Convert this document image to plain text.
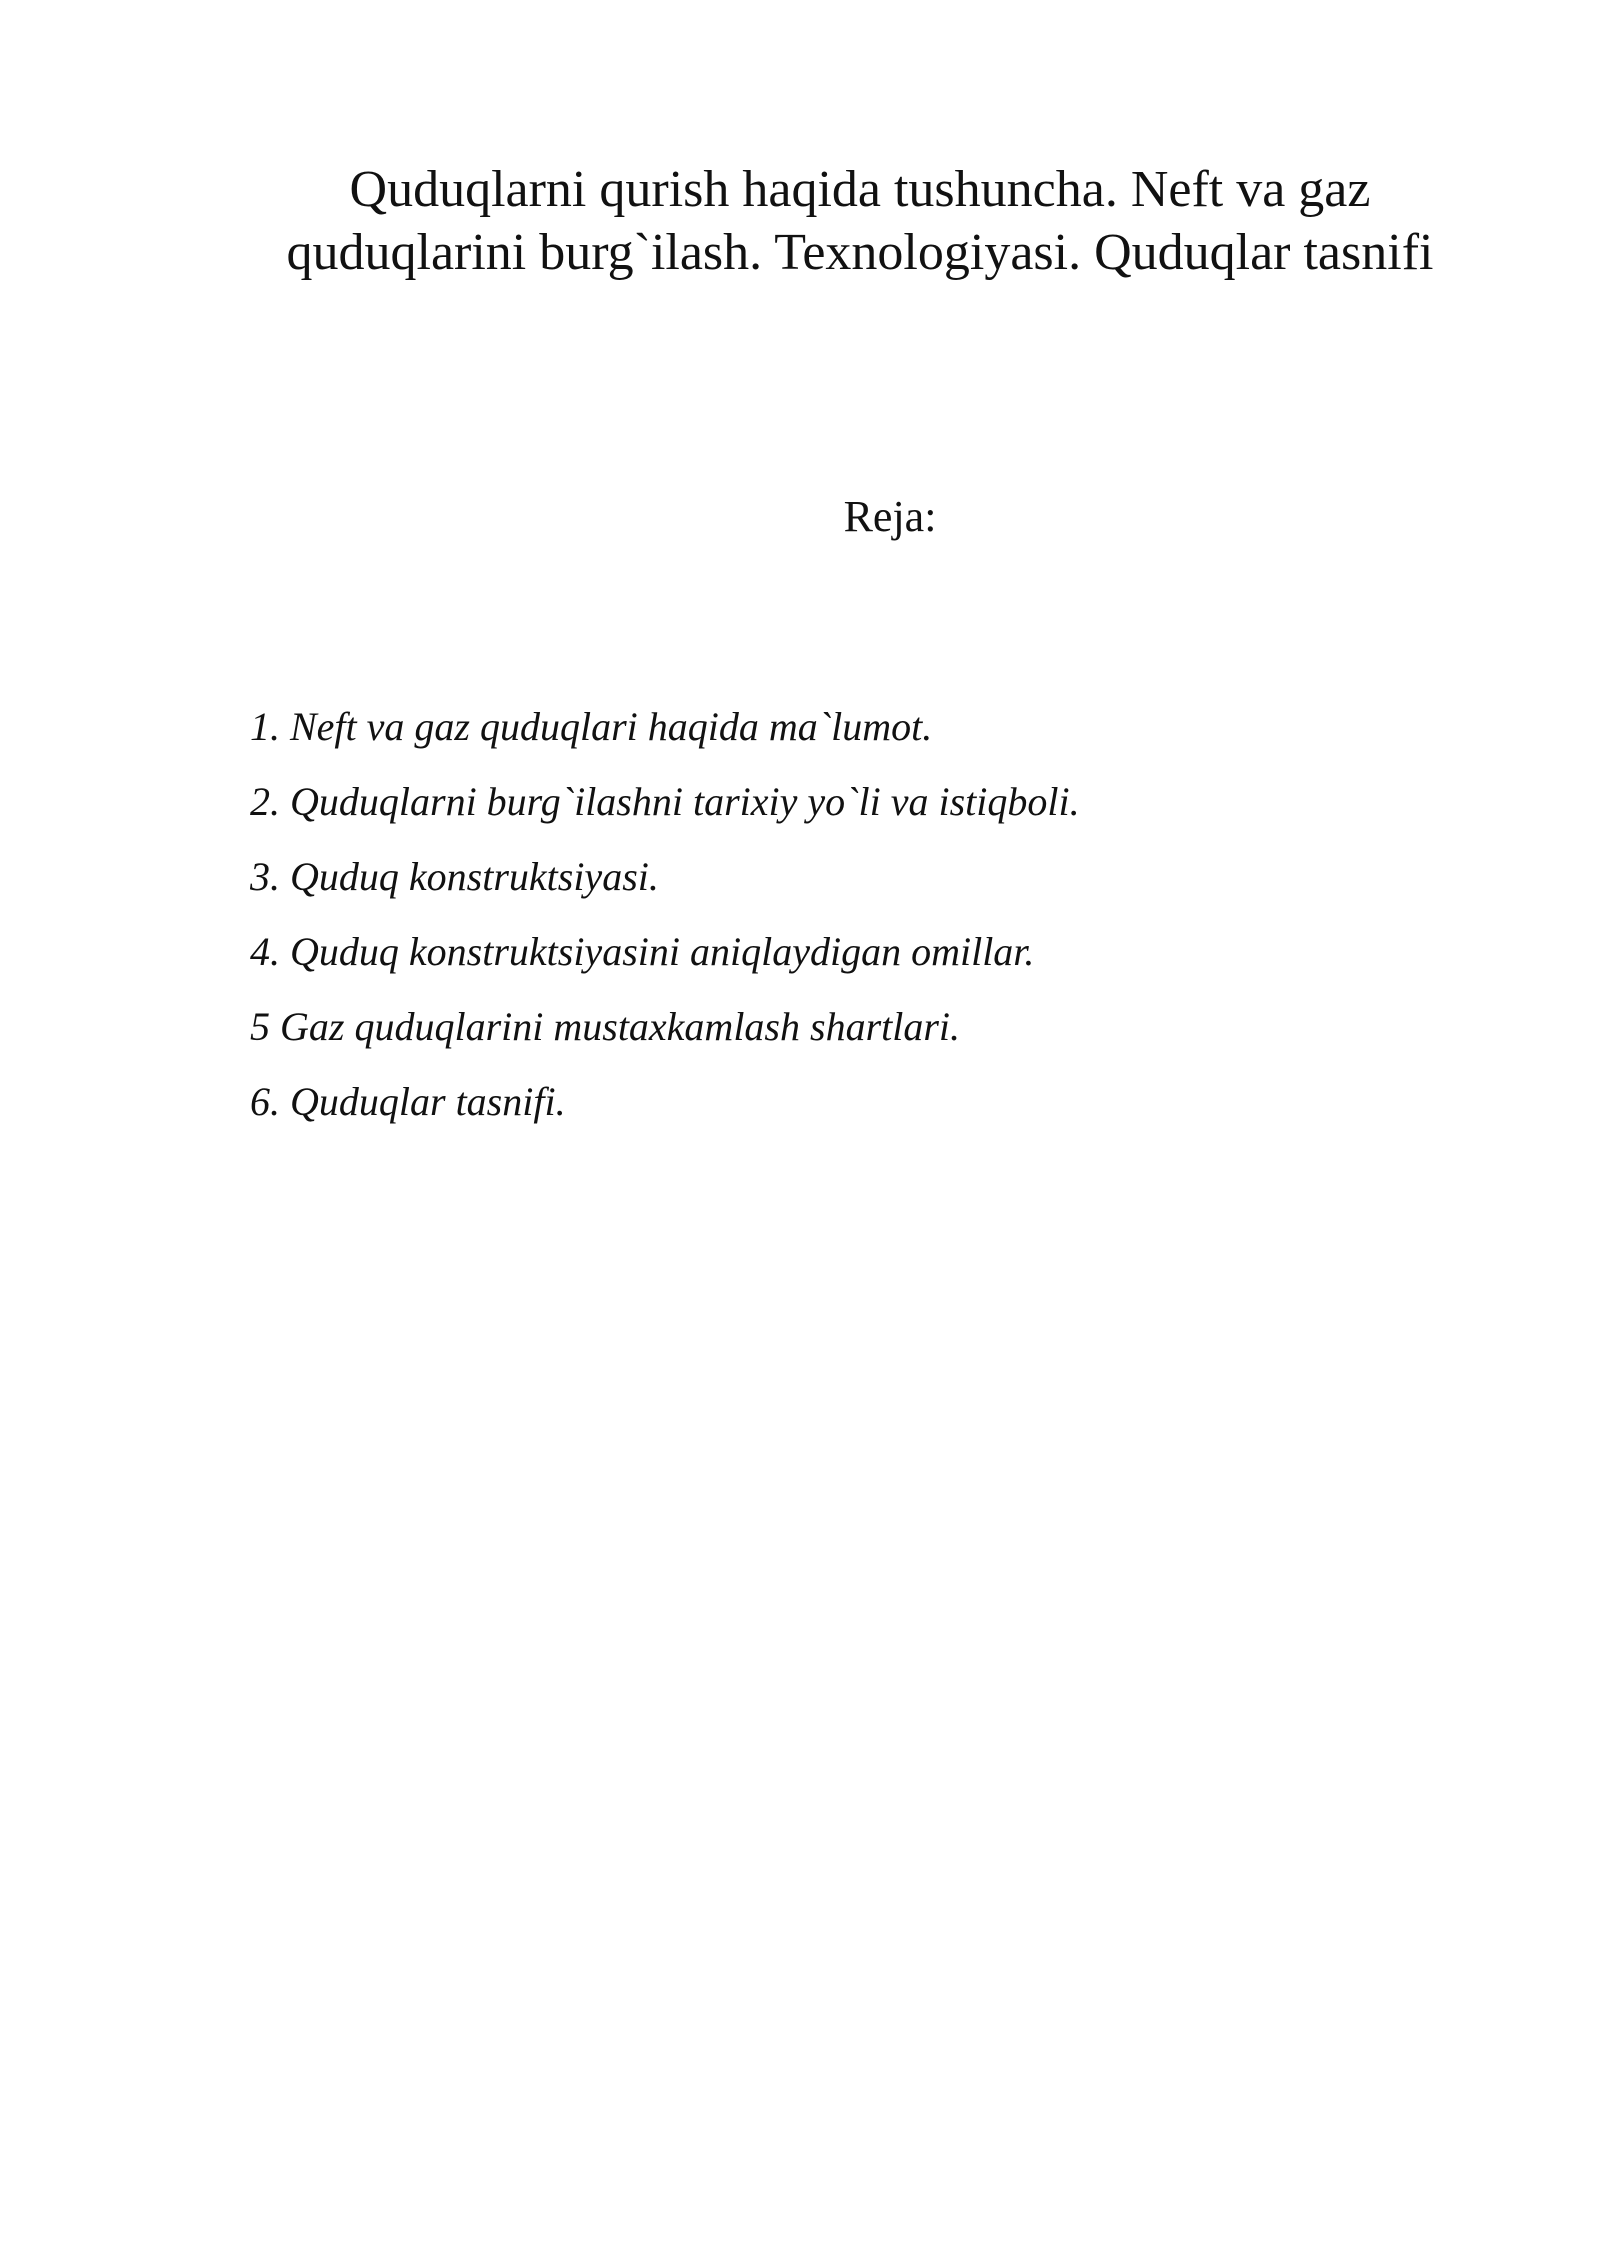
Quduqlarni qurish haqida tushuncha. Neft va gaz quduqlarini burg`ilash. Texnologiyasi. Quduqlar tasnifi
Reja:
1. Neft va gaz quduqlari haqida ma`lumot.
2. Quduqlarni burg`ilashni tarixiy yo`li va istiqboli.
3. Quduq konstruktsiyasi.
4. Quduq konstruktsiyasini aniqlaydigan omillar.
5 Gaz quduqlarini mustaxkamlash shartlari.
6. Quduqlar tasnifi.
